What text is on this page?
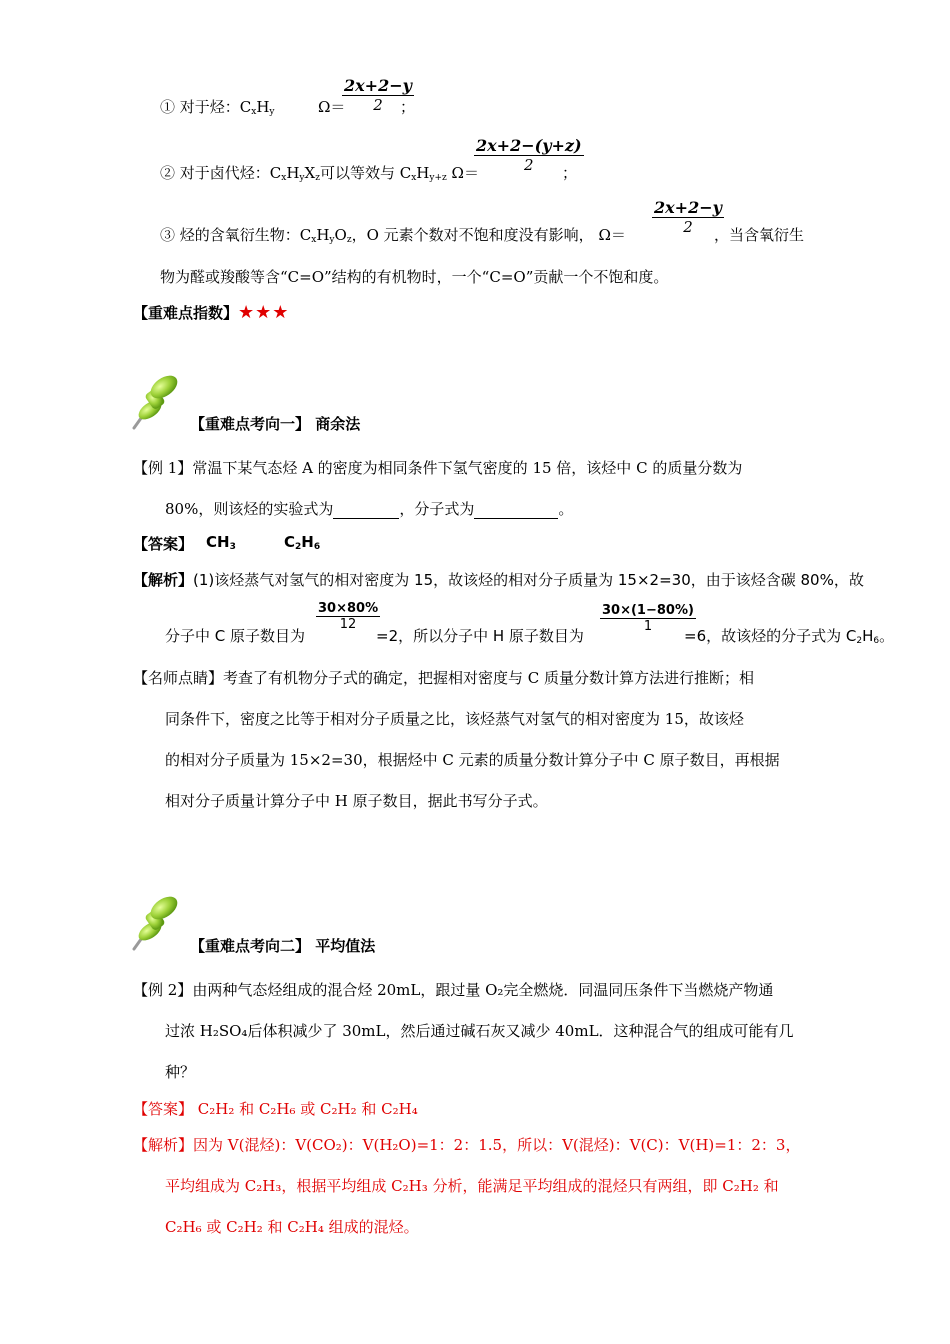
① 对于烃：$C_xH_y$	Ω＝
$\frac{2x+2-y}{2}$
；
② 对于卤代烃：$C_xH_yX_z$可以等效与 $C_xH_{y+z}$ Ω＝
$\frac{2x+2-(y+z)}{2}$
；
③ 烃的含氧衍生物：$C_xH_yO_z$，O 元素个数对不饱和度没有影响， $\Omega= \frac{2x+2-y}{2}$
，当含氧衍生
物为醛或羧酸等含“C=O”结构的有机物时，一个“C=O”贡献一个不饱和度。
【重难点指数】★★★
【重难点考向一】 商余法
【例 1】常温下某气态烃 A 的密度为相同条件下氢气密度的 15 倍，该烃中 C 的质量分数为
80%，则该烃的实验式为	，分子式为	。
【答案】 $CH_3$	$C_2H_6$
【解析】(1)该烃蒸气对氢气的相对密度为 15，故该烃的相对分子质量为 15×2=30，由于该烃含碳 80%，故
分子中 C 原子数目为
$\frac{30\times 80\%}{12}$
=2，所以分子中 H 原子数目为
$\frac{30\times(1-80\%)}{1}$
=6，故该烃的分子式为 $C_2H_6$。
【名师点睛】考查了有机物分子式的确定，把握相对密度与 C 质量分数计算方法进行推断；相
同条件下，密度之比等于相对分子质量之比，该烃蒸气对氢气的相对密度为 15，故该烃
的相对分子质量为 15×2=30，根据烃中 C 元素的质量分数计算分子中 C 原子数目，再根据
相对分子质量计算分子中 H 原子数目，据此书写分子式。
【重难点考向二】 平均值法
【例 2】由两种气态烃组成的混合烃 20mL，跟过量 O₂完全燃烧．同温同压条件下当燃烧产物通
过浓 H₂SO₄后体积减少了 30mL，然后通过碱石灰又减少 40mL．这种混合气的组成可能有几
种？
【答案】 C₂H₂ 和 C₂H₆ 或 C₂H₂ 和 C₂H₄
【解析】因为 V(混烃)：V(CO₂)：V(H₂O)=1：2：1.5，所以：V(混烃)：V(C)：V(H)=1：2：3，
平均组成为 C₂H₃，根据平均组成 C₂H₃ 分析，能满足平均组成的混烃只有两组，即 C₂H₂ 和
C₂H₆ 或 C₂H₂ 和 C₂H₄ 组成的混烃。
